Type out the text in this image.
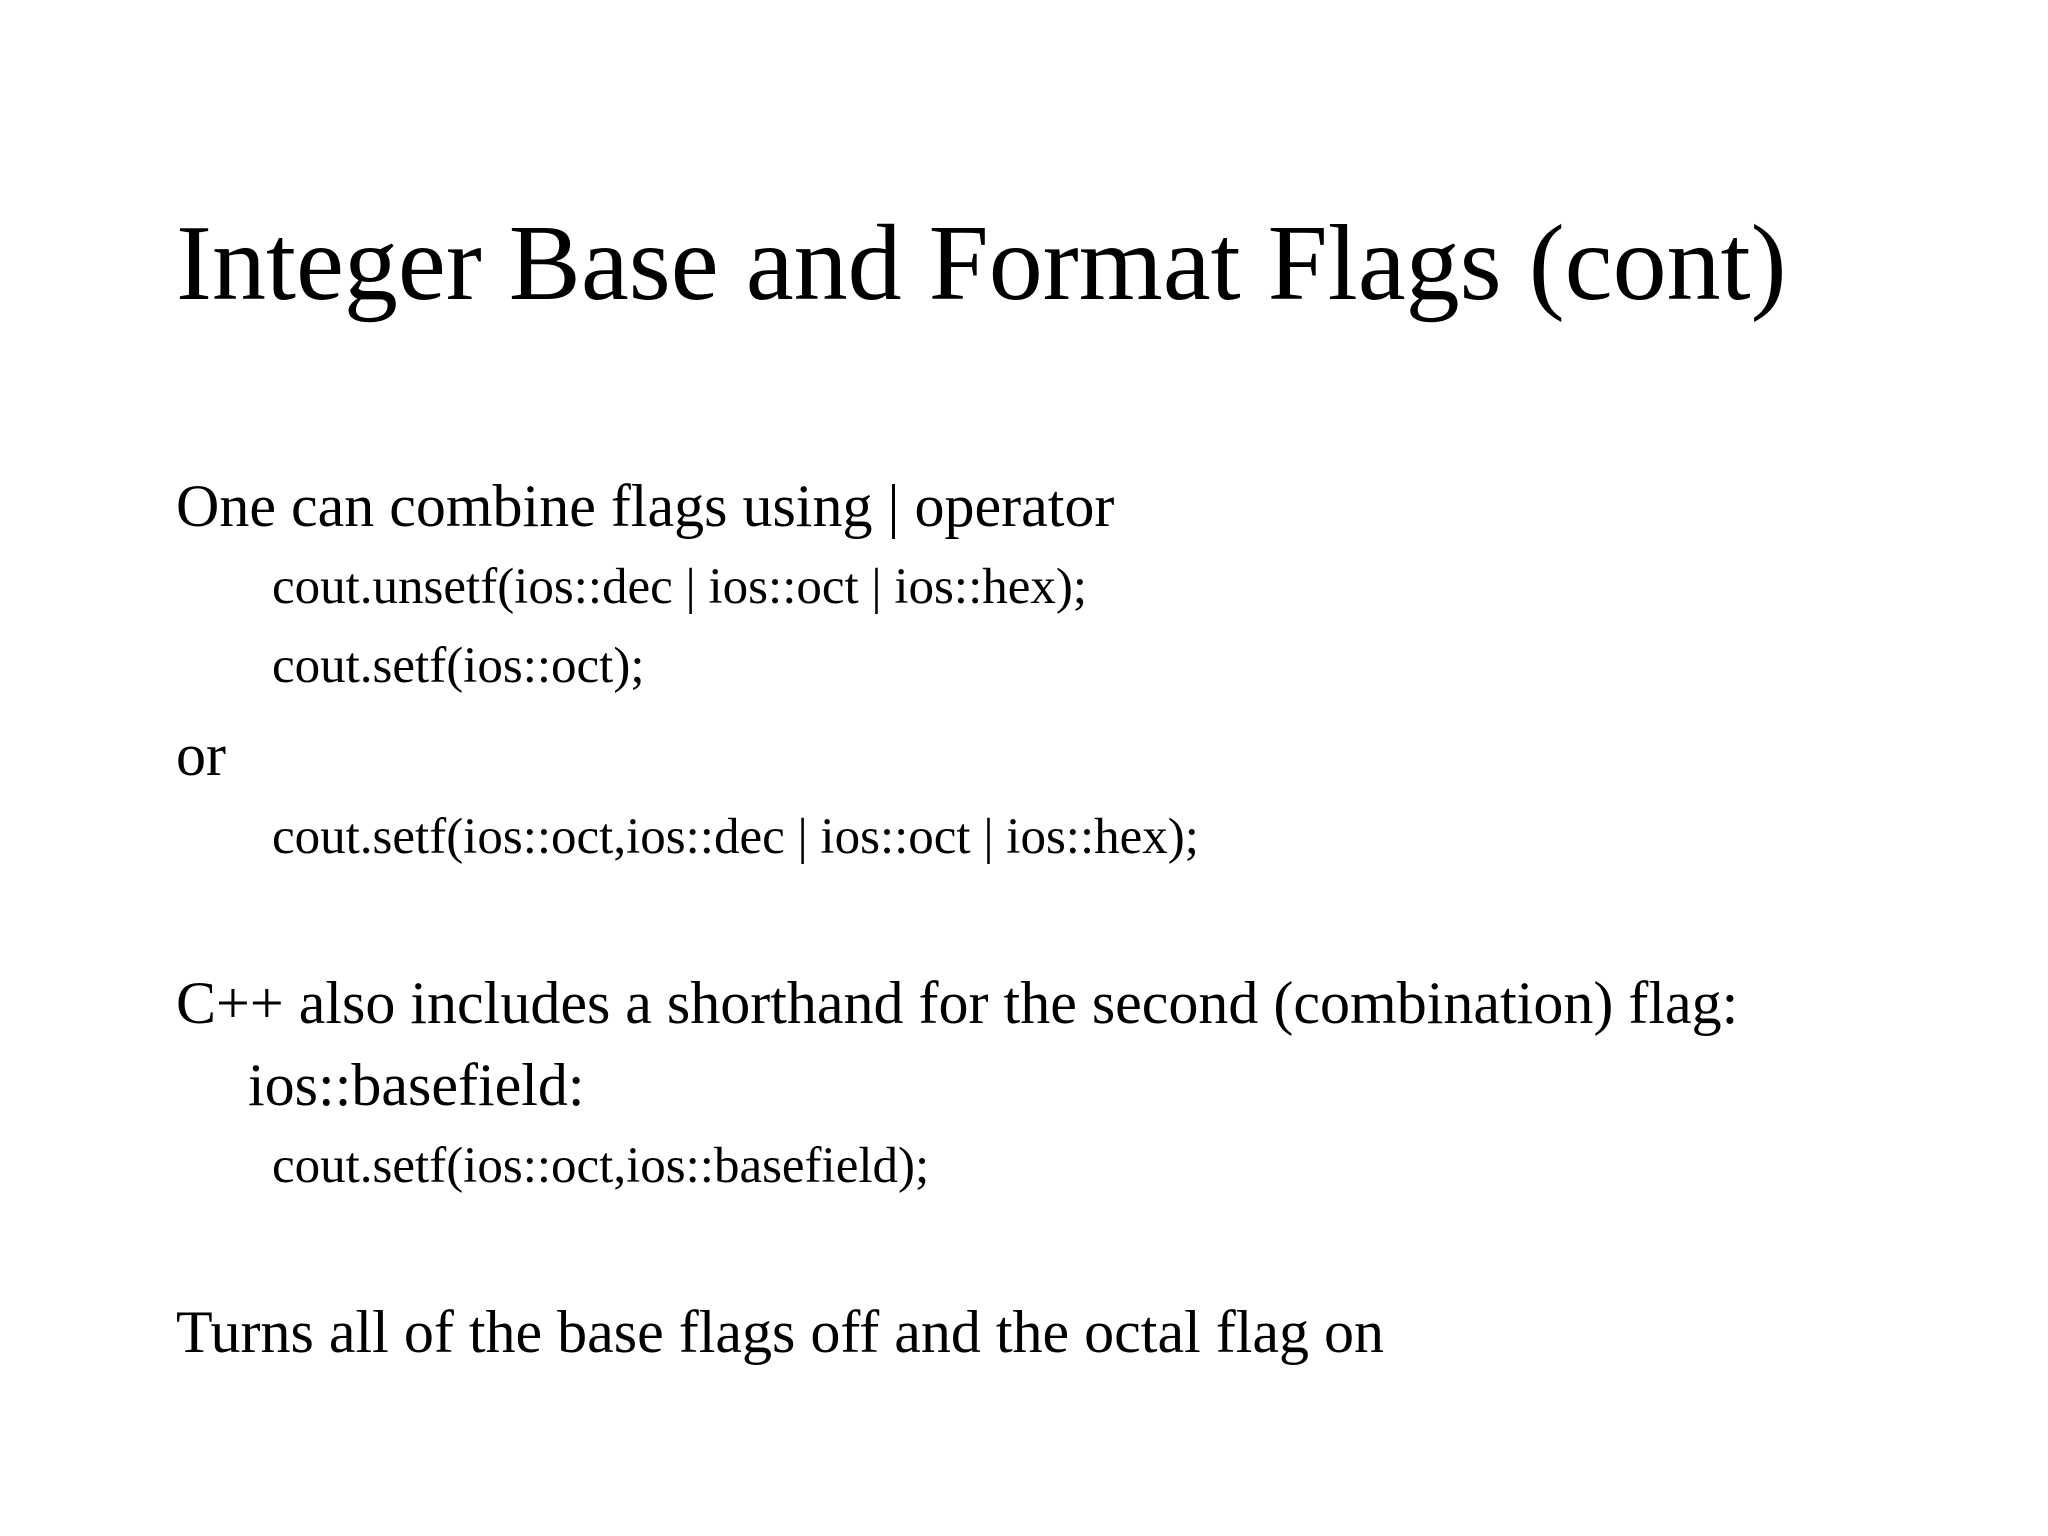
Integer Base and Format Flags (cont)
One can combine flags using | operator
cout.unsetf(ios::dec | ios::oct | ios::hex);
cout.setf(ios::oct);
or
cout.setf(ios::oct,ios::dec | ios::oct | ios::hex);
C++ also includes a shorthand for the second (combination) flag:
ios::basefield:
cout.setf(ios::oct,ios::basefield);
Turns all of the base flags off and the octal flag on
